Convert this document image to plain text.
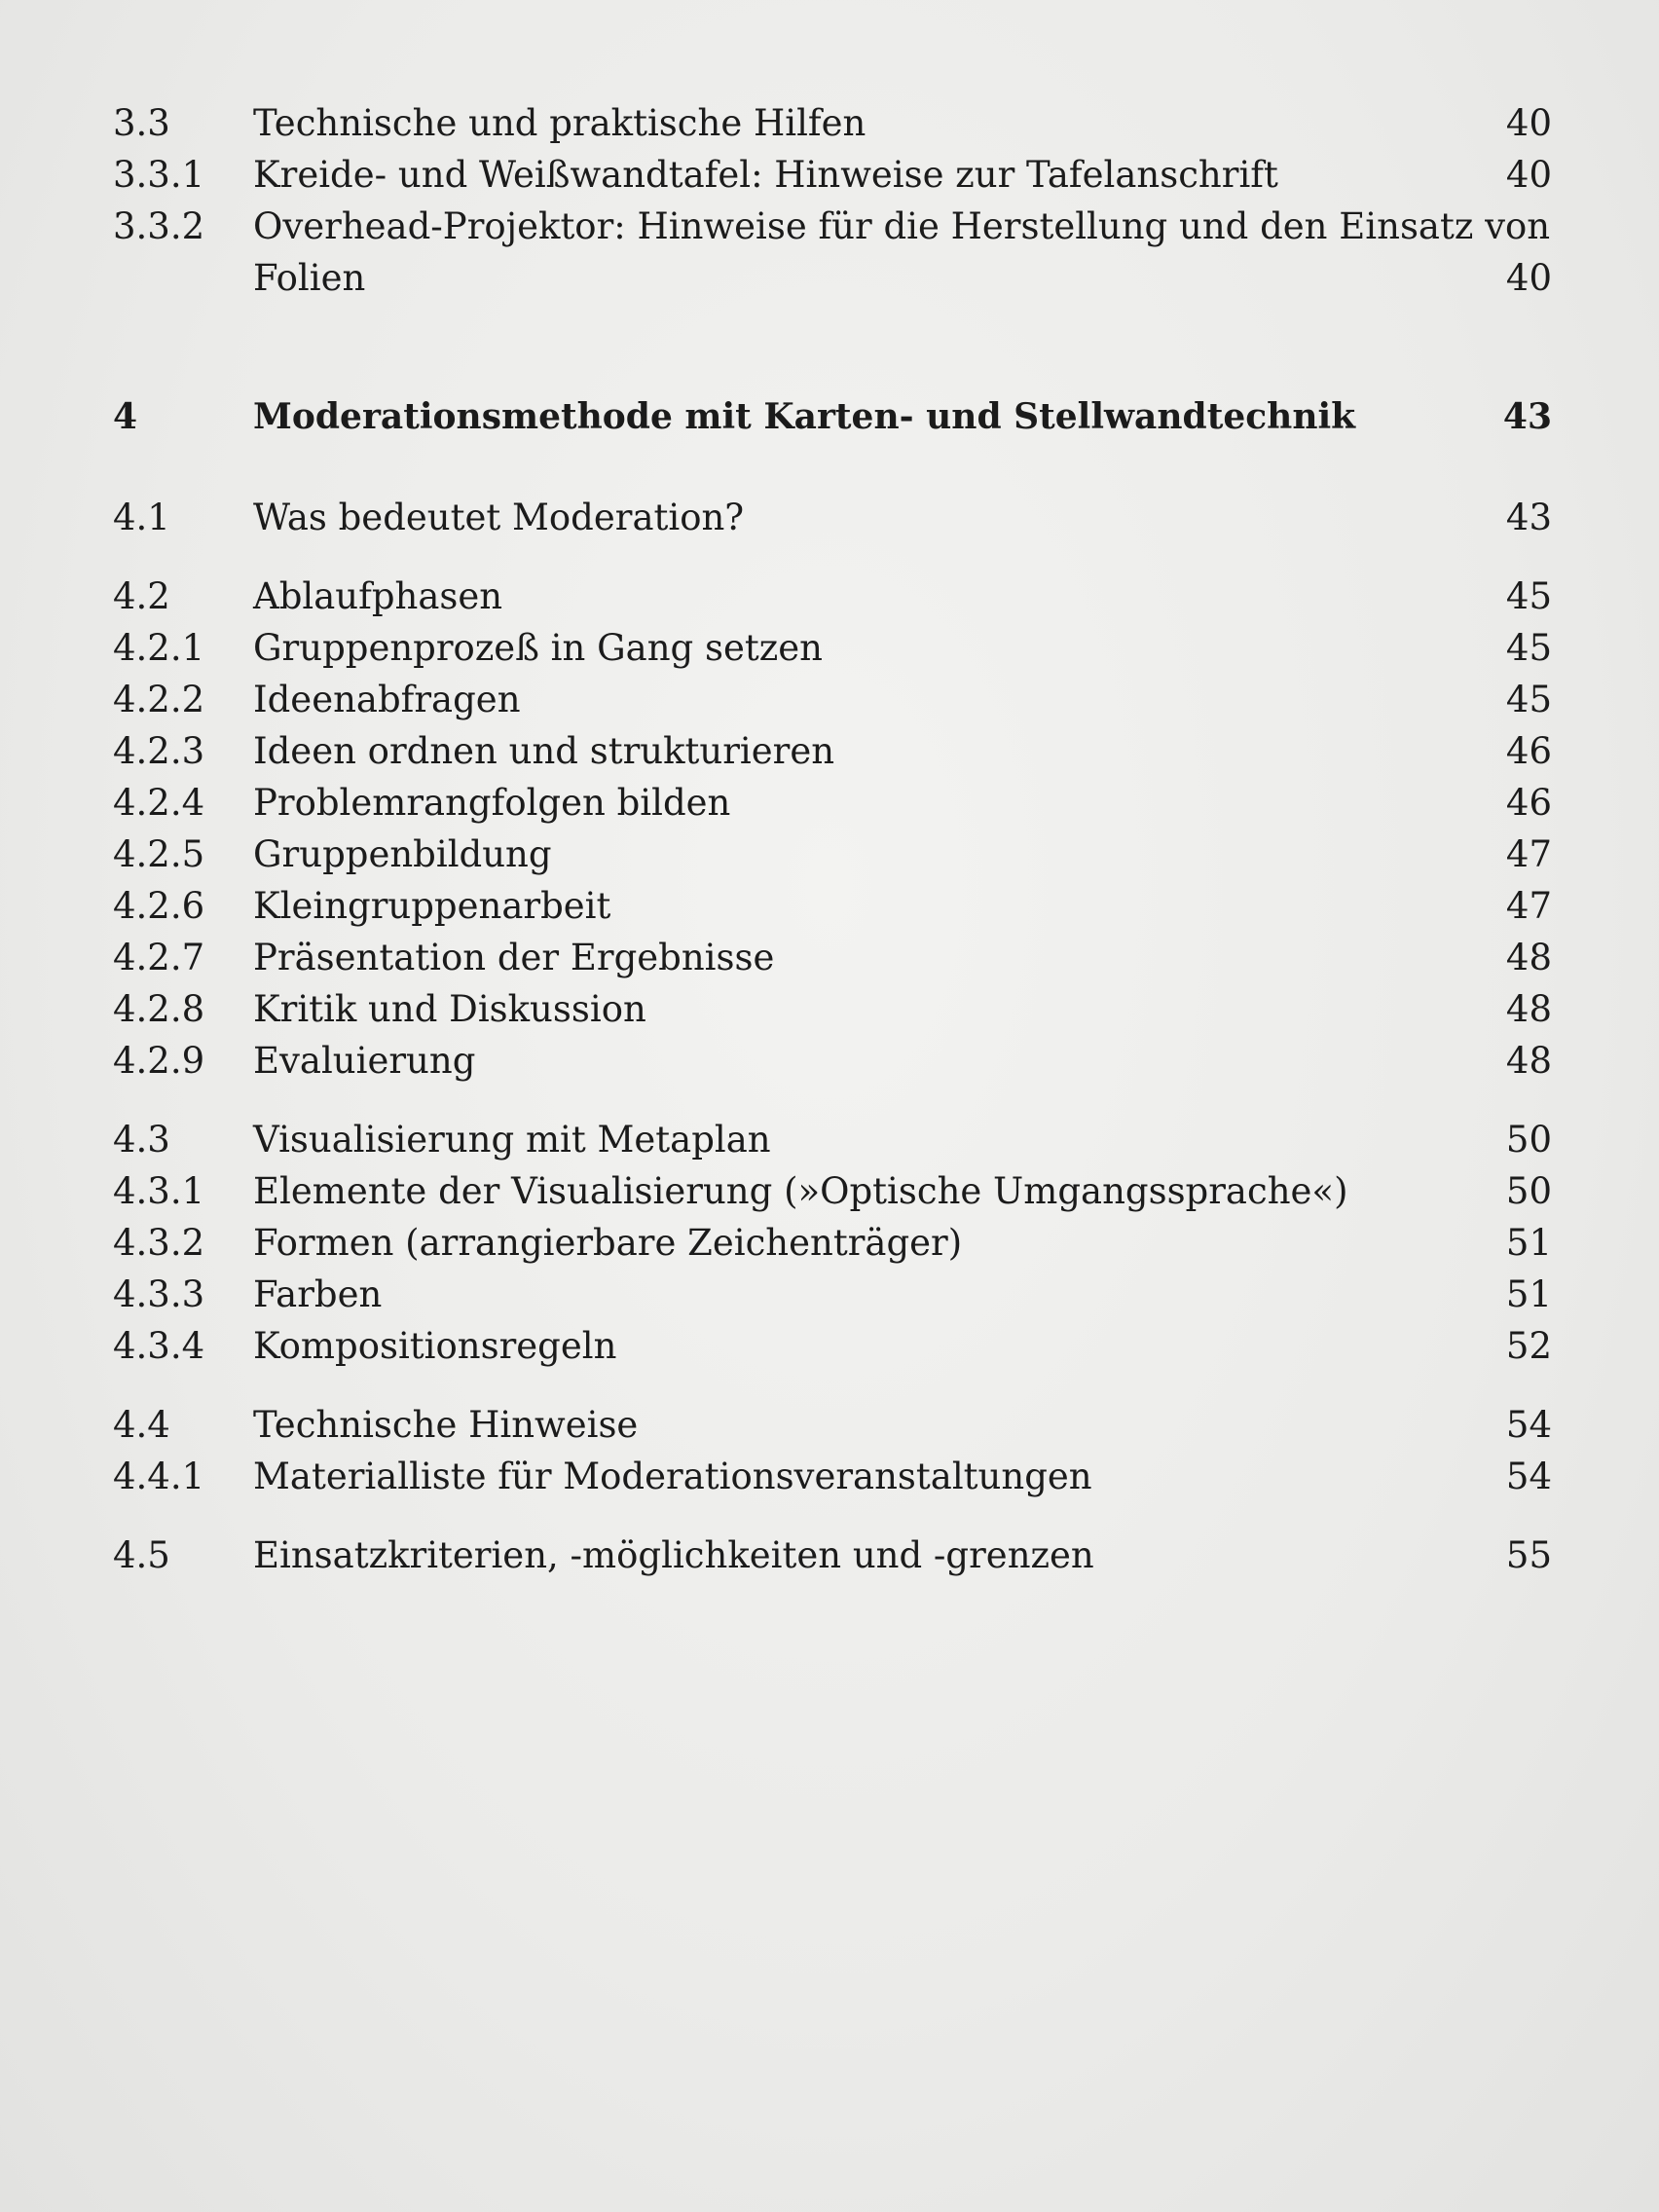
3.3	Technische und praktische Hilfen	40
3.3.1	Kreide- und Weißwandtafel: Hinweise zur Tafelanschrift	40
3.3.2	Overhead-Projektor: Hinweise für die Herstellung und den Einsatz von Folien	40
4	Moderationsmethode mit Karten- und Stellwandtechnik	43
4.1	Was bedeutet Moderation?	43
4.2	Ablaufphasen	45
4.2.1	Gruppenprozeß in Gang setzen	45
4.2.2	Ideenabfragen	45
4.2.3	Ideen ordnen und strukturieren	46
4.2.4	Problemrangfolgen bilden	46
4.2.5	Gruppenbildung	47
4.2.6	Kleingruppenarbeit	47
4.2.7	Präsentation der Ergebnisse	48
4.2.8	Kritik und Diskussion	48
4.2.9	Evaluierung	48
4.3	Visualisierung mit Metaplan	50
4.3.1	Elemente der Visualisierung (»Optische Umgangssprache«)	50
4.3.2	Formen (arrangierbare Zeichenträger)	51
4.3.3	Farben	51
4.3.4	Kompositionsregeln	52
4.4	Technische Hinweise	54
4.4.1	Materialliste für Moderationsveranstaltungen	54
4.5	Einsatzkriterien, -möglichkeiten und -grenzen	55
